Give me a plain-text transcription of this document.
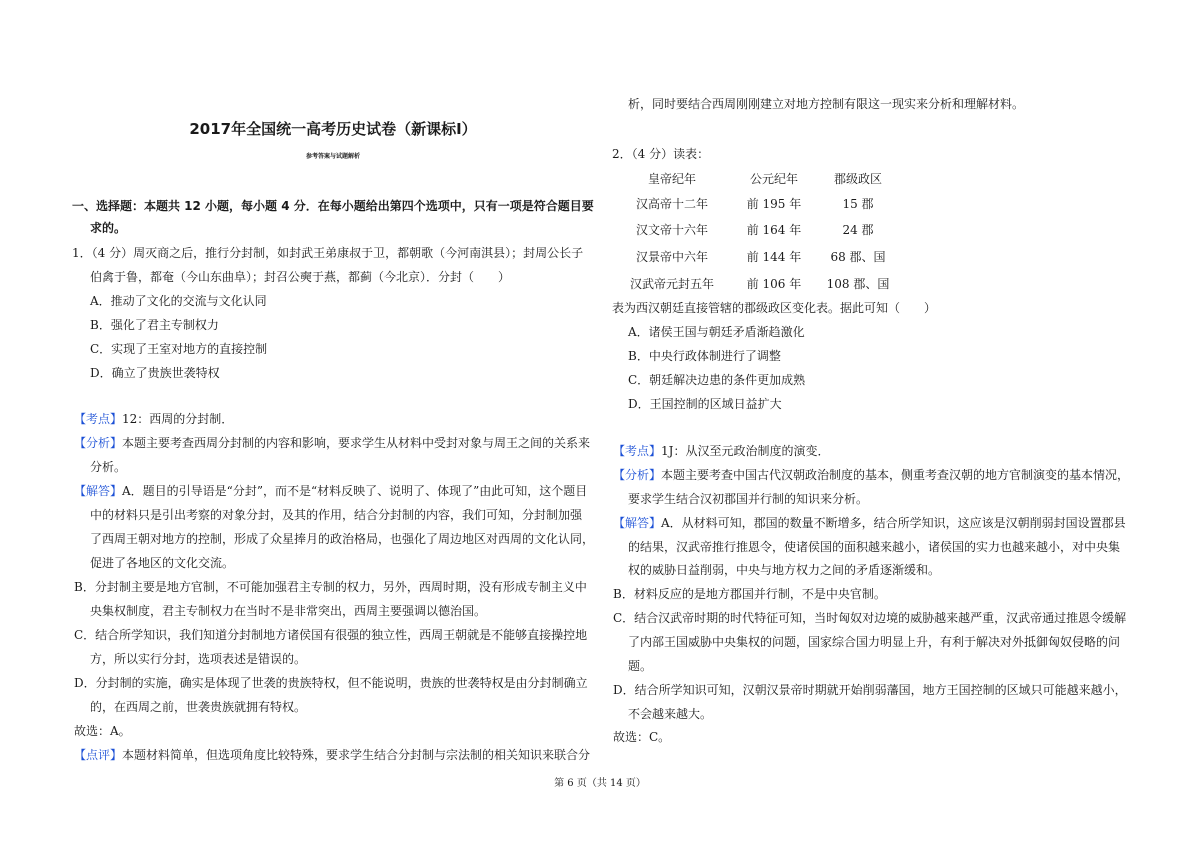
2017年全国统一高考历史试卷（新课标Ⅰ）
参考答案与试题解析
一、选择题：本题共 12 小题，每小题 4 分．在每小题给出第四个选项中，只有一项是符合题目要
求的。
1．（4 分）周灭商之后，推行分封制，如封武王弟康叔于卫，都朝歌（今河南淇县）；封周公长子
伯禽于鲁，都奄（今山东曲阜）；封召公奭于燕，都蓟（今北京）．分封（　　）
A．推动了文化的交流与文化认同
B．强化了君主专制权力
C．实现了王室对地方的直接控制
D．确立了贵族世袭特权
【考点】12：西周的分封制．
【分析】本题主要考查西周分封制的内容和影响，要求学生从材料中受封对象与周王之间的关系来
分析。
【解答】A．题目的引导语是“分封”，而不是“材料反映了、说明了、体现了”由此可知，这个题目
中的材料只是引出考察的对象分封，及其的作用，结合分封制的内容，我们可知，分封制加强
了西周王朝对地方的控制，形成了众星捧月的政治格局，也强化了周边地区对西周的文化认同，
促进了各地区的文化交流。
B．分封制主要是地方官制，不可能加强君主专制的权力，另外，西周时期，没有形成专制主义中
央集权制度，君主专制权力在当时不是非常突出，西周主要强调以德治国。
C．结合所学知识，我们知道分封制地方诸侯国有很强的独立性，西周王朝就是不能够直接操控地
方，所以实行分封，选项表述是错误的。
D．分封制的实施，确实是体现了世袭的贵族特权，但不能说明，贵族的世袭特权是由分封制确立
的，在西周之前，世袭贵族就拥有特权。
故选：A。
【点评】本题材料简单，但选项角度比较特殊，要求学生结合分封制与宗法制的相关知识来联合分
析，同时要结合西周刚刚建立对地方控制有限这一现实来分析和理解材料。
2．（4 分）读表：
皇帝纪年	公元纪年	郡级政区
汉高帝十二年	前 195 年	15 郡
汉文帝十六年	前 164 年	24 郡
汉景帝中六年	前 144 年	68 郡、国
汉武帝元封五年	前 106 年	108 郡、国
表为西汉朝廷直接管辖的郡级政区变化表。据此可知（　　）
A．诸侯王国与朝廷矛盾渐趋激化
B．中央行政体制进行了调整
C．朝廷解决边患的条件更加成熟
D．王国控制的区域日益扩大
【考点】1J：从汉至元政治制度的演变．
【分析】本题主要考查中国古代汉朝政治制度的基本，侧重考查汉朝的地方官制演变的基本情况，
要求学生结合汉初郡国并行制的知识来分析。
【解答】A．从材料可知，郡国的数量不断增多，结合所学知识，这应该是汉朝削弱封国设置郡县
的结果，汉武帝推行推恩令，使诸侯国的面积越来越小，诸侯国的实力也越来越小，对中央集
权的威胁日益削弱，中央与地方权力之间的矛盾逐渐缓和。
B．材料反应的是地方郡国并行制，不是中央官制。
C．结合汉武帝时期的时代特征可知，当时匈奴对边境的威胁越来越严重，汉武帝通过推恩令缓解
了内部王国威胁中央集权的问题，国家综合国力明显上升，有利于解决对外抵御匈奴侵略的问
题。
D．结合所学知识可知，汉朝汉景帝时期就开始削弱藩国，地方王国控制的区域只可能越来越小，
不会越来越大。
故选：C。
第 6 页（共 14 页）
